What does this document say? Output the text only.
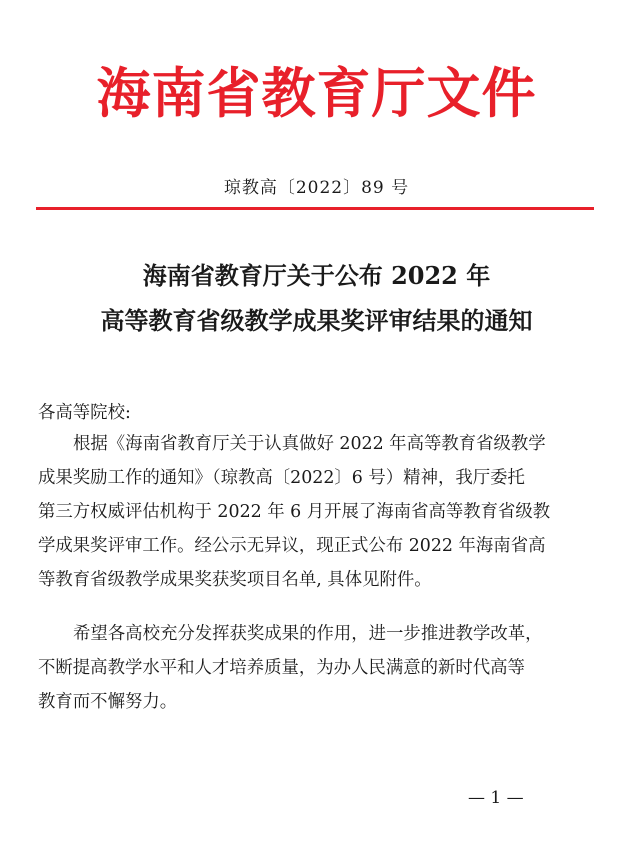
海南省教育厅文件
琼教高〔2022〕89 号
海南省教育厅关于公布 2022 年
高等教育省级教学成果奖评审结果的通知
各高等院校:
根据《海南省教育厅关于认真做好 2022 年高等教育省级教学
成果奖励工作的通知》（琼教高〔2022〕6 号）精神，我厅委托
第三方权威评估机构于 2022 年 6 月开展了海南省高等教育省级教
学成果奖评审工作。经公示无异议，现正式公布 2022 年海南省高
等教育省级教学成果奖获奖项目名单, 具体见附件。
希望各高校充分发挥获奖成果的作用，进一步推进教学改革，
不断提高教学水平和人才培养质量，为办人民满意的新时代高等
教育而不懈努力。
— 1 —
